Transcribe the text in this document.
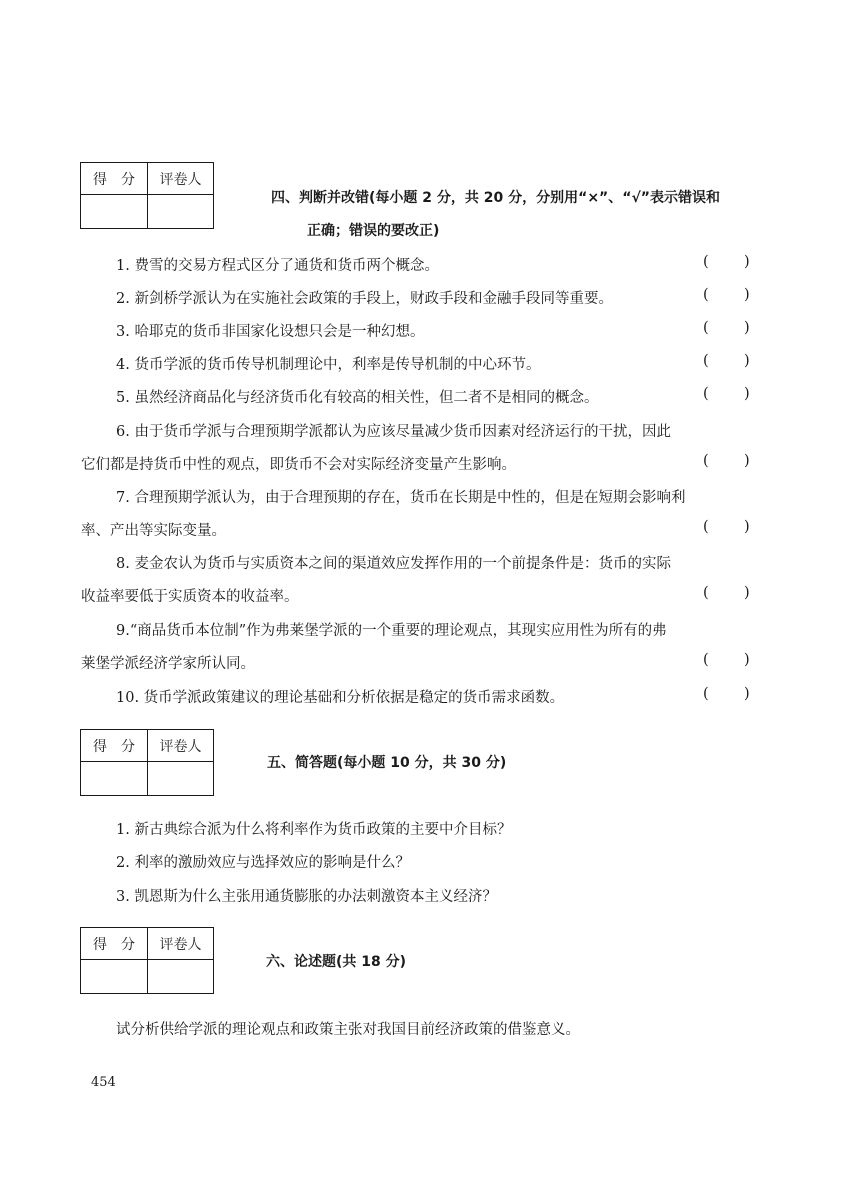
得　分	评卷人

四、判断并改错(每小题 2 分，共 20 分，分别用“×”、“√”表示错误和
正确；错误的要改正)
1. 费雪的交易方程式区分了通货和货币两个概念。	( )
2. 新剑桥学派认为在实施社会政策的手段上，财政手段和金融手段同等重要。	( )
3. 哈耶克的货币非国家化设想只会是一种幻想。	( )
4. 货币学派的货币传导机制理论中，利率是传导机制的中心环节。	( )
5. 虽然经济商品化与经济货币化有较高的相关性，但二者不是相同的概念。	( )
6. 由于货币学派与合理预期学派都认为应该尽量减少货币因素对经济运行的干扰，因此
它们都是持货币中性的观点，即货币不会对实际经济变量产生影响。	( )
7. 合理预期学派认为，由于合理预期的存在，货币在长期是中性的，但是在短期会影响利
率、产出等实际变量。	( )
8. 麦金农认为货币与实质资本之间的渠道效应发挥作用的一个前提条件是：货币的实际
收益率要低于实质资本的收益率。	( )
9.“商品货币本位制”作为弗莱堡学派的一个重要的理论观点，其现实应用性为所有的弗
莱堡学派经济学家所认同。	( )
10. 货币学派政策建议的理论基础和分析依据是稳定的货币需求函数。	( )
得　分	评卷人

五、简答题(每小题 10 分，共 30 分)
1. 新古典综合派为什么将利率作为货币政策的主要中介目标？
2. 利率的激励效应与选择效应的影响是什么？
3. 凯恩斯为什么主张用通货膨胀的办法刺激资本主义经济？
得　分	评卷人

六、论述题(共 18 分)
试分析供给学派的理论观点和政策主张对我国目前经济政策的借鉴意义。
454
